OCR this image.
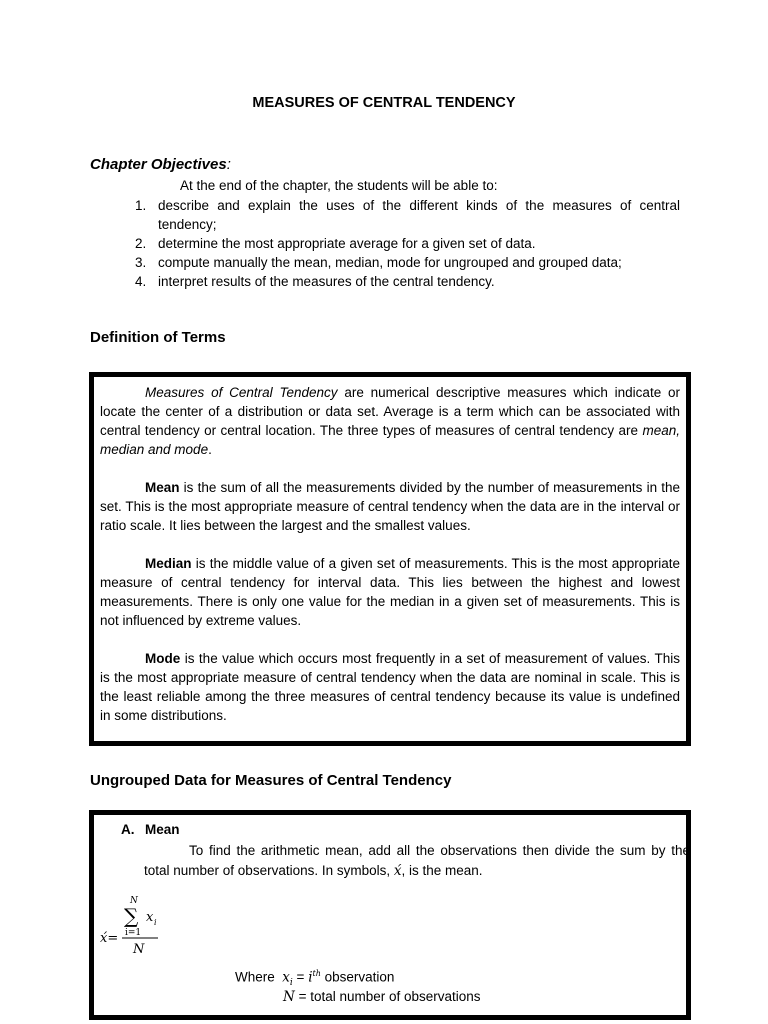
MEASURES OF CENTRAL TENDENCY
Chapter Objectives:
At the end of the chapter, the students will be able to:
1. describe and explain the uses of the different kinds of the measures of central tendency;
2. determine the most appropriate average for a given set of data.
3. compute manually the mean, median, mode for ungrouped and grouped data;
4. interpret results of the measures of the central tendency.
Definition of Terms

Measures of Central Tendency are numerical descriptive measures which indicate or locate the center of a distribution or data set. Average is a term which can be associated with central tendency or central location. The three types of measures of central tendency are mean, median and mode.

Mean is the sum of all the measurements divided by the number of measurements in the set. This is the most appropriate measure of central tendency when the data are in the interval or ratio scale. It lies between the largest and the smallest values.

Median is the middle value of a given set of measurements. This is the most appropriate measure of central tendency for interval data. This lies between the highest and lowest measurements. There is only one value for the median in a given set of measurements. This is not influenced by extreme values.

Mode is the value which occurs most frequently in a set of measurement of values. This is the most appropriate measure of central tendency when the data are nominal in scale. This is the least reliable among the three measures of central tendency because its value is undefined in some distributions.

Ungrouped Data for Measures of Central Tendency
A. Mean
To find the arithmetic mean, add all the observations then divide the sum by the total number of observations. In symbols, x́, is the mean.
N
∑ x i
i=1
x́=
N
Where $x_i = i^{th}$ observation
N = total number of observations
